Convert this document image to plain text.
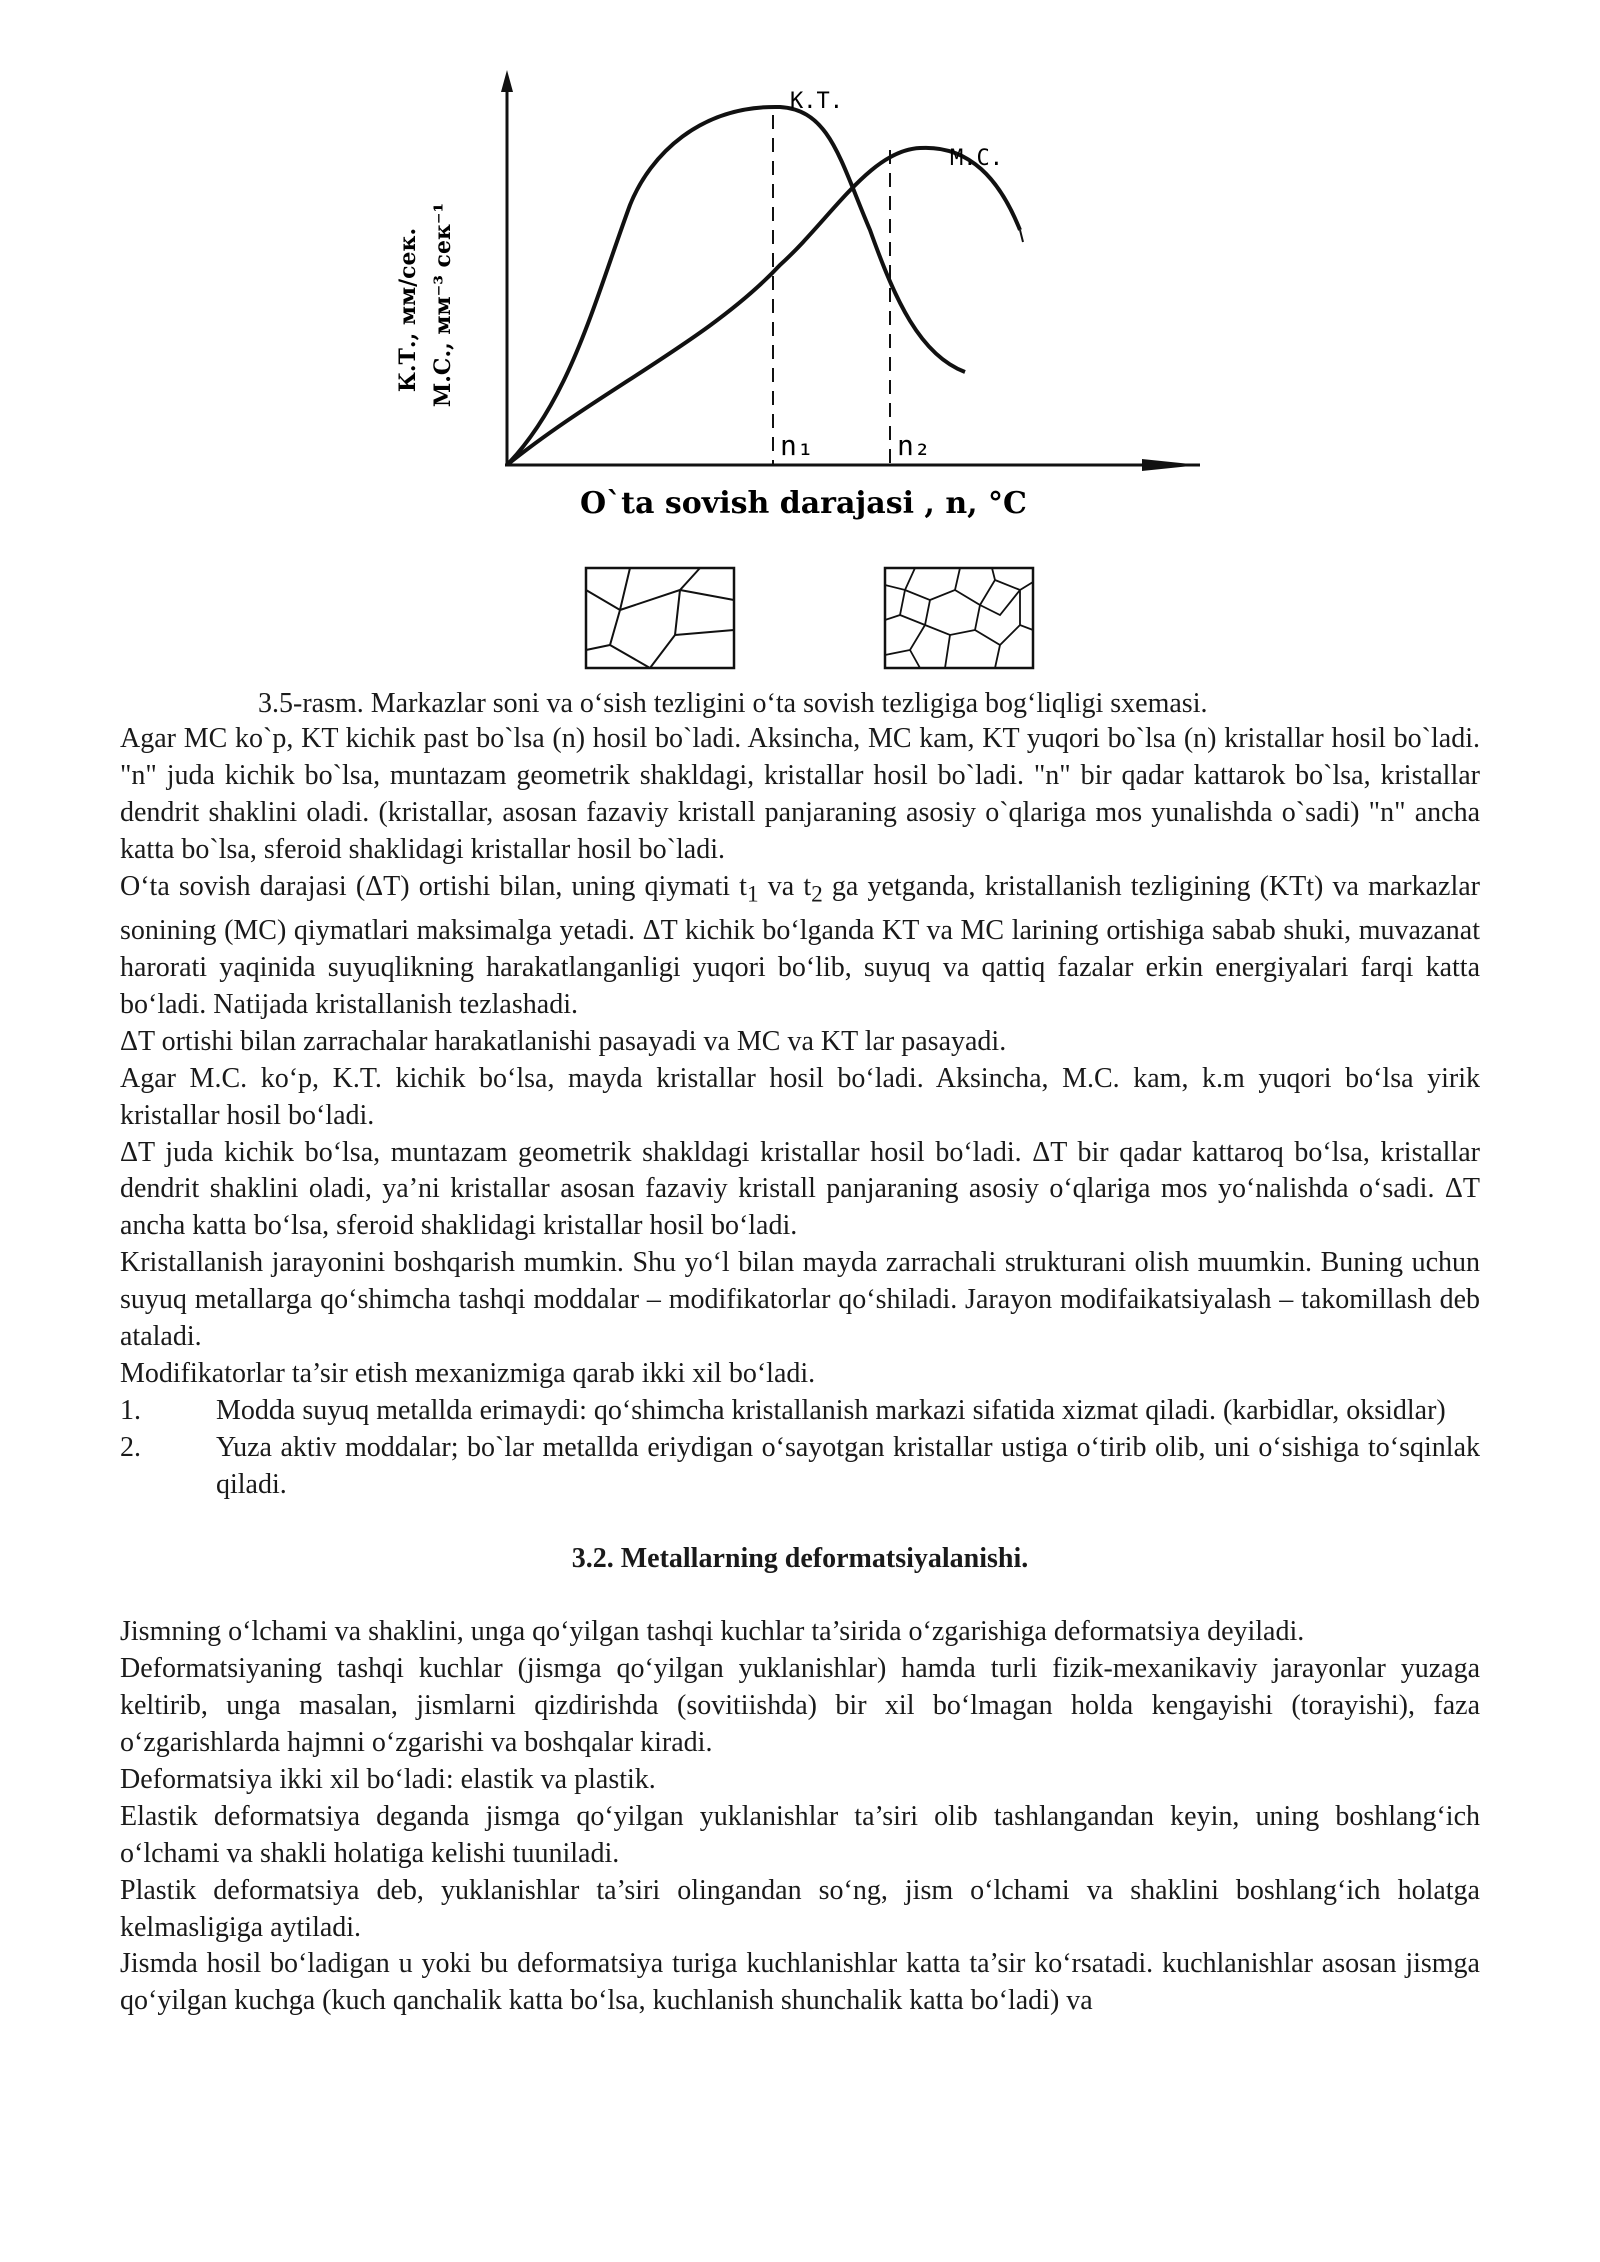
К.Т.
М.С.
n₁	n₂
К.Т., мм/сек. М.С., мм⁻³ сек⁻¹
O`ta sovish darajasi , n, °C
3.5-rasm. Markazlar soni va o‘sish tezligini o‘ta sovish tezligiga bog‘liqligi sxemasi.

Agar MC ko`p, KT kichik past bo`lsa (n) hosil bo`ladi. Aksincha, MC kam, KT yuqori bo`lsa (n) kristallar hosil bo`ladi. "n" juda kichik bo`lsa, muntazam geometrik shakldagi, kristallar hosil bo`ladi. "n" bir qadar kattarok bo`lsa, kristallar dendrit shaklini oladi. (kristallar, asosan fazaviy kristall panjaraning asosiy o`qlariga mos yunalishda o`sadi) "n" ancha katta bo`lsa, sferoid shaklidagi kristallar hosil bo`ladi.

O‘ta sovish darajasi (ΔT) ortishi bilan, uning qiymati $t_1$ va $t_2$ ga yetganda, kristallanish tezligining (KTt) va markazlar sonining (MC) qiymatlari maksimalga yetadi. ΔT kichik bo‘lganda KT va MC larining ortishiga sabab shuki, muvazanat harorati yaqinida suyuqlikning harakatlanganligi yuqori bo‘lib, suyuq va qattiq fazalar erkin energiyalari farqi katta bo‘ladi. Natijada kristallanish tezlashadi.

ΔT ortishi bilan zarrachalar harakatlanishi pasayadi va MC va KT lar pasayadi.

Agar M.C. ko‘p, K.T. kichik bo‘lsa, mayda kristallar hosil bo‘ladi. Aksincha, M.C. kam, k.m yuqori bo‘lsa yirik kristallar hosil bo‘ladi.

ΔT juda kichik bo‘lsa, muntazam geometrik shakldagi kristallar hosil bo‘ladi. ΔT bir qadar kattaroq bo‘lsa, kristallar dendrit shaklini oladi, ya’ni kristallar asosan fazaviy kristall panjaraning asosiy o‘qlariga mos yo‘nalishda o‘sadi. ΔT ancha katta bo‘lsa, sferoid shaklidagi kristallar hosil bo‘ladi.

Kristallanish jarayonini boshqarish mumkin. Shu yo‘l bilan mayda zarrachali strukturani olish muumkin. Buning uchun suyuq metallarga qo‘shimcha tashqi moddalar – modifikatorlar qo‘shiladi. Jarayon modifaikatsiyalash – takomillash deb ataladi.

Modifikatorlar ta’sir etish mexanizmiga qarab ikki xil bo‘ladi.

1.	Modda suyuq metallda erimaydi: qo‘shimcha kristallanish markazi sifatida xizmat qiladi. (karbidlar, oksidlar)
2.	Yuza aktiv moddalar; bo`lar metallda eriydigan o‘sayotgan kristallar ustiga o‘tirib olib, uni o‘sishiga to‘sqinlak qiladi.

3.2. Metallarning deformatsiyalanishi.

Jismning o‘lchami va shaklini, unga qo‘yilgan tashqi kuchlar ta’sirida o‘zgarishiga deformatsiya deyiladi.

Deformatsiyaning tashqi kuchlar (jismga qo‘yilgan yuklanishlar) hamda turli fizik-mexanikaviy jarayonlar yuzaga keltirib, unga masalan, jismlarni qizdirishda (sovitiishda) bir xil bo‘lmagan holda kengayishi (torayishi), faza o‘zgarishlarda hajmni o‘zgarishi va boshqalar kiradi.

Deformatsiya ikki xil bo‘ladi: elastik va plastik.

Elastik deformatsiya deganda jismga qo‘yilgan yuklanishlar ta’siri olib tashlangandan keyin, uning boshlang‘ich o‘lchami va shakli holatiga kelishi tuuniladi.

Plastik deformatsiya deb, yuklanishlar ta’siri olingandan so‘ng, jism o‘lchami va shaklini boshlang‘ich holatga kelmasligiga aytiladi.

Jismda hosil bo‘ladigan u yoki bu deformatsiya turiga kuchlanishlar katta ta’sir ko‘rsatadi. kuchlanishlar asosan jismga qo‘yilgan kuchga (kuch qanchalik katta bo‘lsa, kuchlanish shunchalik katta bo‘ladi) va
